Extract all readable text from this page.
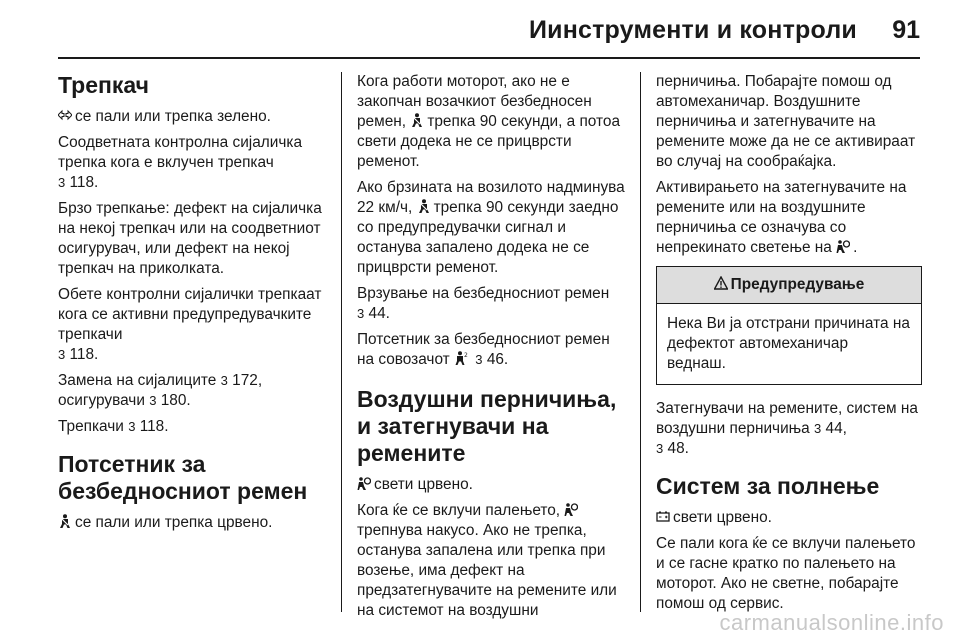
Иинструменти и контроли 91
Трепкач

се пали или трепка зелено.

Соодветната контролна сијаличка трепка кога е вклучен трепкач
3 118.

Брзо трепкање: дефект на сијаличка на некој трепкач или на соодветниот осигурувач, или дефект на некој трепкач на приколката.

Обете контролни сијалички трепкаат кога се активни предупредувачките трепкачи
3 118.

Замена на сијалиците 3 172,
осигурувачи 3 180.

Трепкачи 3 118.

Потсетник за безбедносниот ремен

се пали или трепка црвено.

Кога работи моторот, ако не е закопчан возачкиот безбедносен ремен, трепка 90 секунди, а потоа свети додека не се прицврсти ременот.

Ако брзината на возилото надминува 22 км/ч, трепка 90 секунди заедно со предупредувачки сигнал и останува запалено додека не се прицврсти ременот.

Врзување на безбедносниот ремен
3 44.

Потсетник за безбедносниот ремен на совозачот 2 3 46.

Воздушни перничиња, и затегнувачи на ремените

свети црвено.

Кога ќе се вклучи палењето,
трепнува накусо. Ако не трепка, останува запалена или трепка при возење, има дефект на предзатегнувачите на ремените или на системот на воздушни

перничиња. Побарајте помош од автомеханичар. Воздушните перничиња и затегнувачите на ремените може да не се активираат во случај на сообраќајка.

Активирањето на затегнувачите на ремените или на воздушните перничиња се означува со непрекинато светење на .

Предупредување
Нека Ви ја отстрани причината на дефектот автомеханичар веднаш.

Затегнувачи на ремените, систем на воздушни перничиња 3 44,
3 48.

Систем за полнење

свети црвено.

Се пали кога ќе се вклучи палењето и се гасне кратко по палењето на моторот. Ако не светне, побарајте помош од сервис.

carmanualsonline.info
